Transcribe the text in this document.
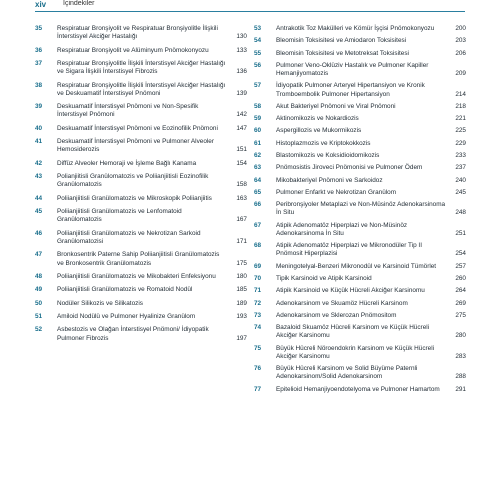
xiv İçindekiler
35	Respiratuar Bronşiyolit ve Respiratuar Bronşiyolitle İlişkili İnterstisyel Akciğer Hastalığı	130
36	Respiratuar Bronşiyolit ve Alüminyum Pnömokonyozu	133
37	Respiratuar Bronşiyolitle İlişkili İnterstisyel Akciğer Hastalığı ve Sigara İlişkili İnterstisyel Fibrozis	136
38	Respiratuar Bronşiyolitle İlişkili İnterstisyel Akciğer Hastalığı ve Deskuamatif İnterstisyel Pnömoni	139
39	Deskuamatif İnterstisyel Pnömoni ve Non-Spesifik İnterstisyel Pnömoni	142
40	Deskuamatif İnterstisyel Pnömoni ve Eozinofilik Pnömoni	147
41	Deskuamatif İnterstisyel Pnömoni ve Pulmoner Alveoler Hemosiderozis	151
42	Diffüz Alveoler Hemoraji ve İşleme Bağlı Kanama	154
43	Polianjiitisli Granülomatozis ve Poliianjiitisli Eozinofilik Granülomatozis	158
44	Poliianjiitisli Granülomatozis ve Mikroskopik Poliianjiitis	163
45	Poliianjiitisli Granülomatozis ve Lenfomatoid Granülomatozis	167
46	Poliianjiitisli Granülomatozis ve Nekrotizan Sarkoid Granülomatozisi	171
47	Bronkosentrik Paterne Sahip Poliianjiitisli Granülomatozis ve Bronkosentrik Granülomatozis	175
48	Poliianjiitisli Granülomatozis ve Mikobakteri Enfeksiyonu	180
49	Poliianjiitisli Granülomatozis ve Romatoid Nodül	185
50	Nodüler Silikozis ve Silikatozis	189
51	Amiloid Nodülü ve Pulmoner Hyalinize Granülom	193
52	Asbestozis ve Olağan İnterstisyel Pnömoni/ İdiyopatik Pulmoner Fibrozis	197
53	Antrakotik Toz Makülleri ve Kömür İşçisi Pnömokonyozu	200
54	Bleomisin Toksisitesi ve Amiodaron Toksisitesi	203
55	Bleomisin Toksisitesi ve Metotreksat Toksisitesi	206
56	Pulmoner Veno-Oklüziv Hastalık ve Pulmoner Kapiller Hemanjiyomatozis	209
57	İdiyopatik Pulmoner Arteryel Hipertansiyon ve Kronik Tromboembolik Pulmoner Hipertansiyon	214
58	Akut Bakteriyel Pnömoni ve Viral Pnömoni	218
59	Aktinomikozis ve Nokardiozis	221
60	Aspergillozis ve Mukormikozis	225
61	Histoplazmozis ve Kriptokokkozis	229
62	Blastomikozis ve Koksidioidomikozis	233
63	Pnömosistis Jiroveci Pnömonisi ve Pulmoner Ödem	237
64	Mikobakteriyel Pnömoni ve Sarkoidoz	240
65	Pulmoner Enfarkt ve Nekrotizan Granülom	245
66	Peribronşiyoler Metaplazi ve Non-Müsinöz Adenokarsinoma İn Situ	248
67	Atipik Adenomatöz Hiperplazi ve Non-Müsinöz Adenokarsinoma İn Situ	251
68	Atipik Adenomatöz Hiperplazi ve Mikronodüler Tip II Pnömosit Hiperplazisi	254
69	Meningotelyal-Benzeri Mikronodül ve Karsinoid Tümörlet	257
70	Tipik Karsinoid ve Atipik Karsinoid	260
71	Atipik Karsinoid ve Küçük Hücreli Akciğer Karsinomu	264
72	Adenokarsinom ve Skuamöz Hücreli Karsinom	269
73	Adenokarsinom ve Sklerozan Pnömositom	275
74	Bazaloid Skuamöz Hücreli Karsinom ve Küçük Hücreli Akciğer Karsinomu	280
75	Büyük Hücreli Nöroendokrin Karsinom ve Küçük Hücreli Akciğer Karsinomu	283
76	Büyük Hücreli Karsinom ve Solid Büyüme Paternli Adenokarsinom/Solid Adenokarsinom	288
77	Epitelioid Hemanjiyoendotelyoma ve Pulmoner Hamartom	291
